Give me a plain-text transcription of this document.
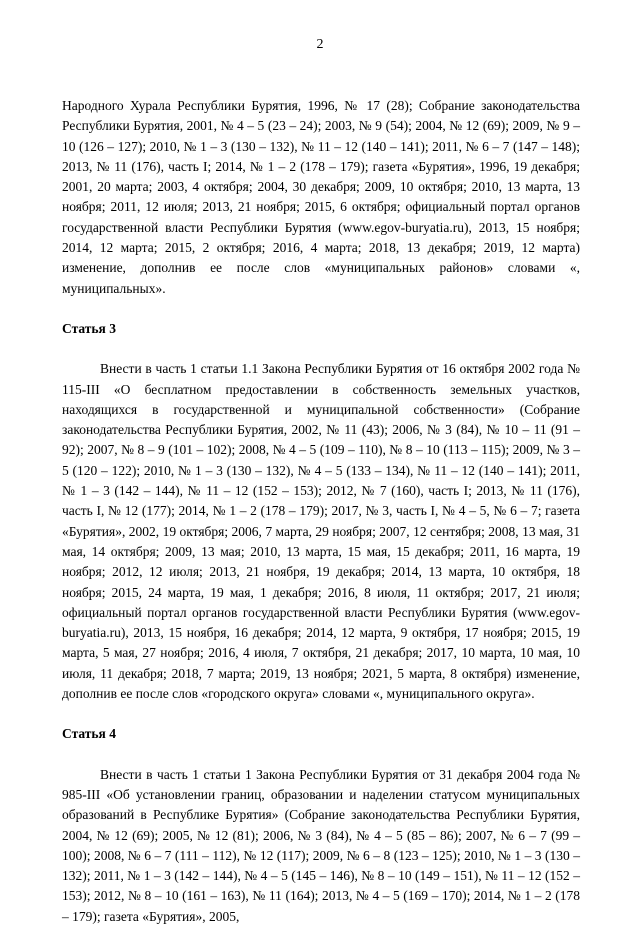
2

Народного Хурала Республики Бурятия, 1996, № 17 (28); Собрание законодательства Республики Бурятия, 2001, № 4 – 5 (23 – 24); 2003, № 9 (54); 2004, № 12 (69); 2009, № 9 – 10 (126 – 127); 2010, № 1 – 3 (130 – 132), № 11 – 12 (140 – 141); 2011, № 6 – 7 (147 – 148); 2013, № 11 (176), часть I; 2014, № 1 – 2 (178 – 179); газета «Бурятия», 1996, 19 декабря; 2001, 20 марта; 2003, 4 октября; 2004, 30 декабря; 2009, 10 октября; 2010, 13 марта, 13 ноября; 2011, 12 июля; 2013, 21 ноября; 2015, 6 октября; официальный портал органов государственной власти Республики Бурятия (www.egov-buryatia.ru), 2013, 15 ноября; 2014, 12 марта; 2015, 2 октября; 2016, 4 марта; 2018, 13 декабря; 2019, 12 марта) изменение, дополнив ее после слов «муниципальных районов» словами «, муниципальных».

Статья 3

Внести в часть 1 статьи 1.1 Закона Республики Бурятия от 16 октября 2002 года № 115-III «О бесплатном предоставлении в собственность земельных участков, находящихся в государственной и муниципальной собственности» (Собрание законодательства Республики Бурятия, 2002, № 11 (43); 2006, № 3 (84), № 10 – 11 (91 – 92); 2007, № 8 – 9 (101 – 102); 2008, № 4 – 5 (109 – 110), № 8 – 10 (113 – 115); 2009, № 3 – 5 (120 – 122); 2010, № 1 – 3 (130 – 132), № 4 – 5 (133 – 134), № 11 – 12 (140 – 141); 2011, № 1 – 3 (142 – 144), № 11 – 12 (152 – 153); 2012, № 7 (160), часть I; 2013, № 11 (176), часть I, № 12 (177); 2014, № 1 – 2 (178 – 179); 2017, № 3, часть I, № 4 – 5, № 6 – 7; газета «Бурятия», 2002, 19 октября; 2006, 7 марта, 29 ноября; 2007, 12 сентября; 2008, 13 мая, 31 мая, 14 октября; 2009, 13 мая; 2010, 13 марта, 15 мая, 15 декабря; 2011, 16 марта, 19 ноября; 2012, 12 июля; 2013, 21 ноября, 19 декабря; 2014, 13 марта, 10 октября, 18 ноября; 2015, 24 марта, 19 мая, 1 декабря; 2016, 8 июля, 11 октября; 2017, 21 июля; официальный портал органов государственной власти Республики Бурятия (www.egov-buryatia.ru), 2013, 15 ноября, 16 декабря; 2014, 12 марта, 9 октября, 17 ноября; 2015, 19 марта, 5 мая, 27 ноября; 2016, 4 июля, 7 октября, 21 декабря; 2017, 10 марта, 10 мая, 10 июля, 11 декабря; 2018, 7 марта; 2019, 13 ноября; 2021, 5 марта, 8 октября) изменение, дополнив ее после слов «городского округа» словами «, муниципального округа».

Статья 4

Внести в часть 1 статьи 1 Закона Республики Бурятия от 31 декабря 2004 года № 985-III «Об установлении границ, образовании и наделении статусом муниципальных образований в Республике Бурятия» (Собрание законодательства Республики Бурятия, 2004, № 12 (69); 2005, № 12 (81); 2006, № 3 (84), № 4 – 5 (85 – 86); 2007, № 6 – 7 (99 – 100); 2008, № 6 – 7 (111 – 112), № 12 (117); 2009, № 6 – 8 (123 – 125); 2010, № 1 – 3 (130 – 132); 2011, № 1 – 3 (142 – 144), № 4 – 5 (145 – 146), № 8 – 10 (149 – 151), № 11 – 12 (152 – 153); 2012, № 8 – 10 (161 – 163), № 11 (164); 2013, № 4 – 5 (169 – 170); 2014, № 1 – 2 (178 – 179); газета «Бурятия», 2005,
